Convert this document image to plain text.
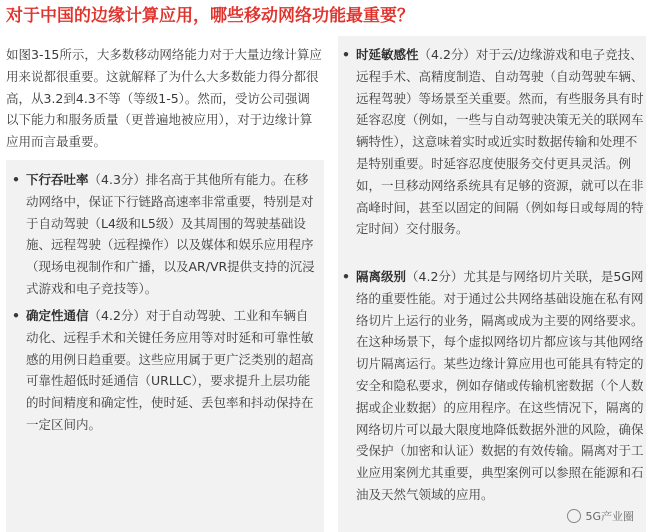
对于中国的边缘计算应用，哪些移动网络功能最重要？

如图3-15所示，大多数移动网络能力对于大量边缘计算应用来说都很重要。这就解释了为什么大多数能力得分都很高，从3.2到4.3不等（等级1-5）。然而，受访公司强调以下能力和服务质量（更普遍地被应用），对于边缘计算应用而言最重要。

• 下行吞吐率（4.3分）排名高于其他所有能力。在移动网络中，保证下行链路高速率非常重要，特别是对于自动驾驶（L4级和L5级）及其周围的驾驶基础设施、远程驾驶（远程操作）以及媒体和娱乐应用程序（现场电视制作和广播，以及AR/VR提供支持的沉浸式游戏和电子竞技等）。
• 确定性通信（4.2分）对于自动驾驶、工业和车辆自动化、远程手术和关键任务应用等对时延和可靠性敏感的用例日趋重要。这些应用属于更广泛类别的超高可靠性超低时延通信（URLLC），要求提升上层功能的时间精度和确定性，使时延、丢包率和抖动保持在一定区间内。
• 时延敏感性（4.2分）对于云/边缘游戏和电子竞技、远程手术、高精度制造、自动驾驶（自动驾驶车辆、远程驾驶）等场景至关重要。然而，有些服务具有时延容忍度（例如，一些与自动驾驶决策无关的联网车辆特性），这意味着实时或近实时数据传输和处理不是特别重要。时延容忍度使服务交付更具灵活。例如，一旦移动网络系统具有足够的资源，就可以在非高峰时间，甚至以固定的间隔（例如每日或每周的特定时间）交付服务。
• 隔离级别（4.2分）尤其是与网络切片关联，是5G网络的重要性能。对于通过公共网络基础设施在私有网络切片上运行的业务，隔离或成为主要的网络要求。在这种场景下，每个虚拟网络切片都应该与其他网络切片隔离运行。某些边缘计算应用也可能具有特定的安全和隐私要求，例如存储或传输机密数据（个人数据或企业数据）的应用程序。在这些情况下，隔离的网络切片可以最大限度地降低数据外泄的风险，确保受保护（加密和认证）数据的有效传输。隔离对于工业应用案例尤其重要，典型案例可以参照在能源和石油及天然气领域的应用。
5G产业圈
